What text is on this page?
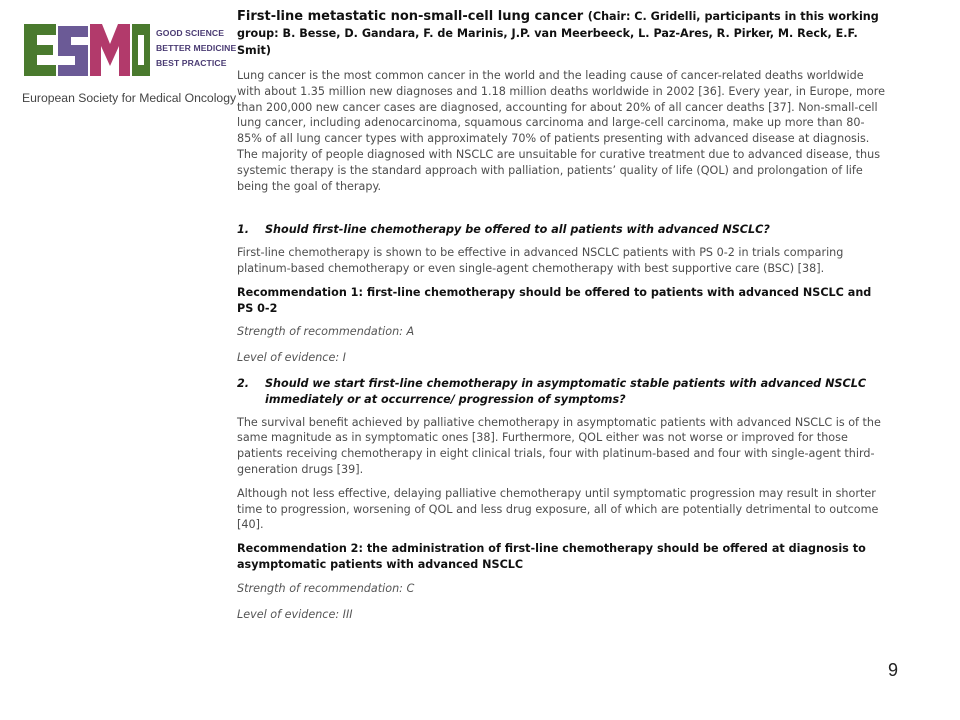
GOOD SCIENCE
BETTER MEDICINE
BEST PRACTICE
European Society for Medical Oncology

First-line metastatic non-small-cell lung cancer (Chair: C. Gridelli, participants in this working group: B. Besse, D. Gandara, F. de Marinis, J.P. van Meerbeeck, L. Paz-Ares, R. Pirker, M. Reck, E.F. Smit)

Lung cancer is the most common cancer in the world and the leading cause of cancer-related deaths worldwide with about 1.35 million new diagnoses and 1.18 million deaths worldwide in 2002 [36]. Every year, in Europe, more than 200,000 new cancer cases are diagnosed, accounting for about 20% of all cancer deaths [37]. Non-small-cell lung cancer, including adenocarcinoma, squamous carcinoma and large-cell carcinoma, make up more than 80-85% of all lung cancer types with approximately 70% of patients presenting with advanced disease at diagnosis. The majority of people diagnosed with NSCLC are unsuitable for curative treatment due to advanced disease, thus systemic therapy is the standard approach with palliation, patients’ quality of life (QOL) and prolongation of life being the goal of therapy.

1.	Should first-line chemotherapy be offered to all patients with advanced NSCLC?

First-line chemotherapy is shown to be effective in advanced NSCLC patients with PS 0-2 in trials comparing platinum-based chemotherapy or even single-agent chemotherapy with best supportive care (BSC) [38].

Recommendation 1: first-line chemotherapy should be offered to patients with advanced NSCLC and PS 0-2

Strength of recommendation: A

Level of evidence: I

2.	Should we start first-line chemotherapy in asymptomatic stable patients with advanced NSCLC immediately or at occurrence/ progression of symptoms?

The survival benefit achieved by palliative chemotherapy in asymptomatic patients with advanced NSCLC is of the same magnitude as in symptomatic ones [38]. Furthermore, QOL either was not worse or improved for those patients receiving chemotherapy in eight clinical trials, four with platinum-based and four with single-agent third-generation drugs [39].

Although not less effective, delaying palliative chemotherapy until symptomatic progression may result in shorter time to progression, worsening of QOL and less drug exposure, all of which are potentially detrimental to outcome [40].

Recommendation 2: the administration of first-line chemotherapy should be offered at diagnosis to asymptomatic patients with advanced NSCLC

Strength of recommendation: C

Level of evidence: III

9
